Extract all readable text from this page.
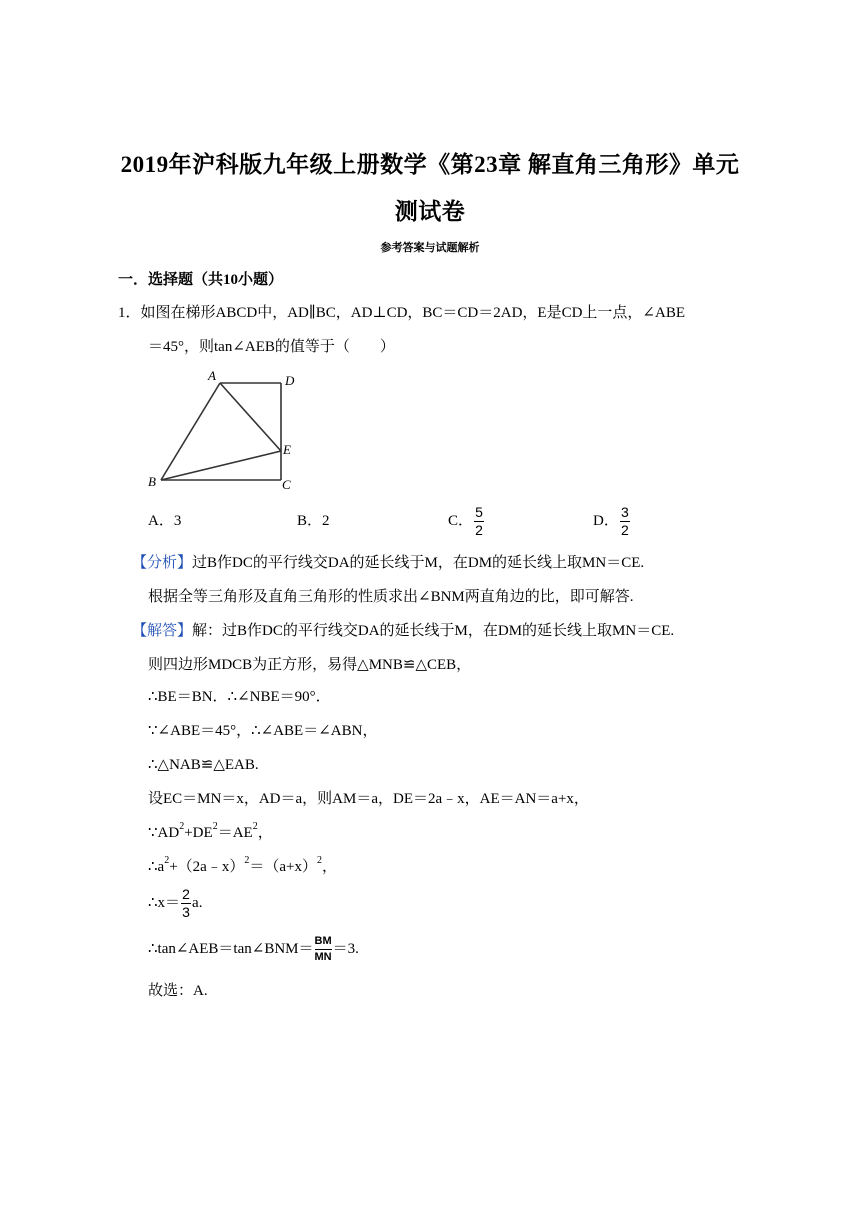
2019年沪科版九年级上册数学《第23章 解直角三角形》单元
测试卷
参考答案与试题解析
一．选择题（共10小题）
1．如图在梯形ABCD中，AD∥BC，AD⊥CD，BC＝CD＝2AD，E是CD上一点，∠ABE
＝45°，则tan∠AEB的值等于（　　）
A	D
E
B	C
A．3	B．2	C． $\frac{5}{2}$	D． $\frac{3}{2}$
【分析】过B作DC的平行线交DA的延长线于M，在DM的延长线上取MN＝CE.
根据全等三角形及直角三角形的性质求出∠BNM两直角边的比，即可解答.
【解答】解：过B作DC的平行线交DA的延长线于M，在DM的延长线上取MN＝CE.
则四边形MDCB为正方形，易得△MNB≌△CEB，
∴BE＝BN．∴∠NBE＝90°．
∵∠ABE＝45°，∴∠ABE＝∠ABN，
∴△NAB≌△EAB.
设EC＝MN＝x，AD＝a，则AM＝a，DE＝2a﹣x，AE＝AN＝a+x，
$\because AD^2+DE^2=AE^2$，
$\therefore a^2+(2a﹣x)^2=(a+x)^2$，
∴x＝ $\frac{2}{3} a$.
∴tan∠AEB＝tan∠BNM＝ $\frac{BM}{MN} =3$.
故选：A.
